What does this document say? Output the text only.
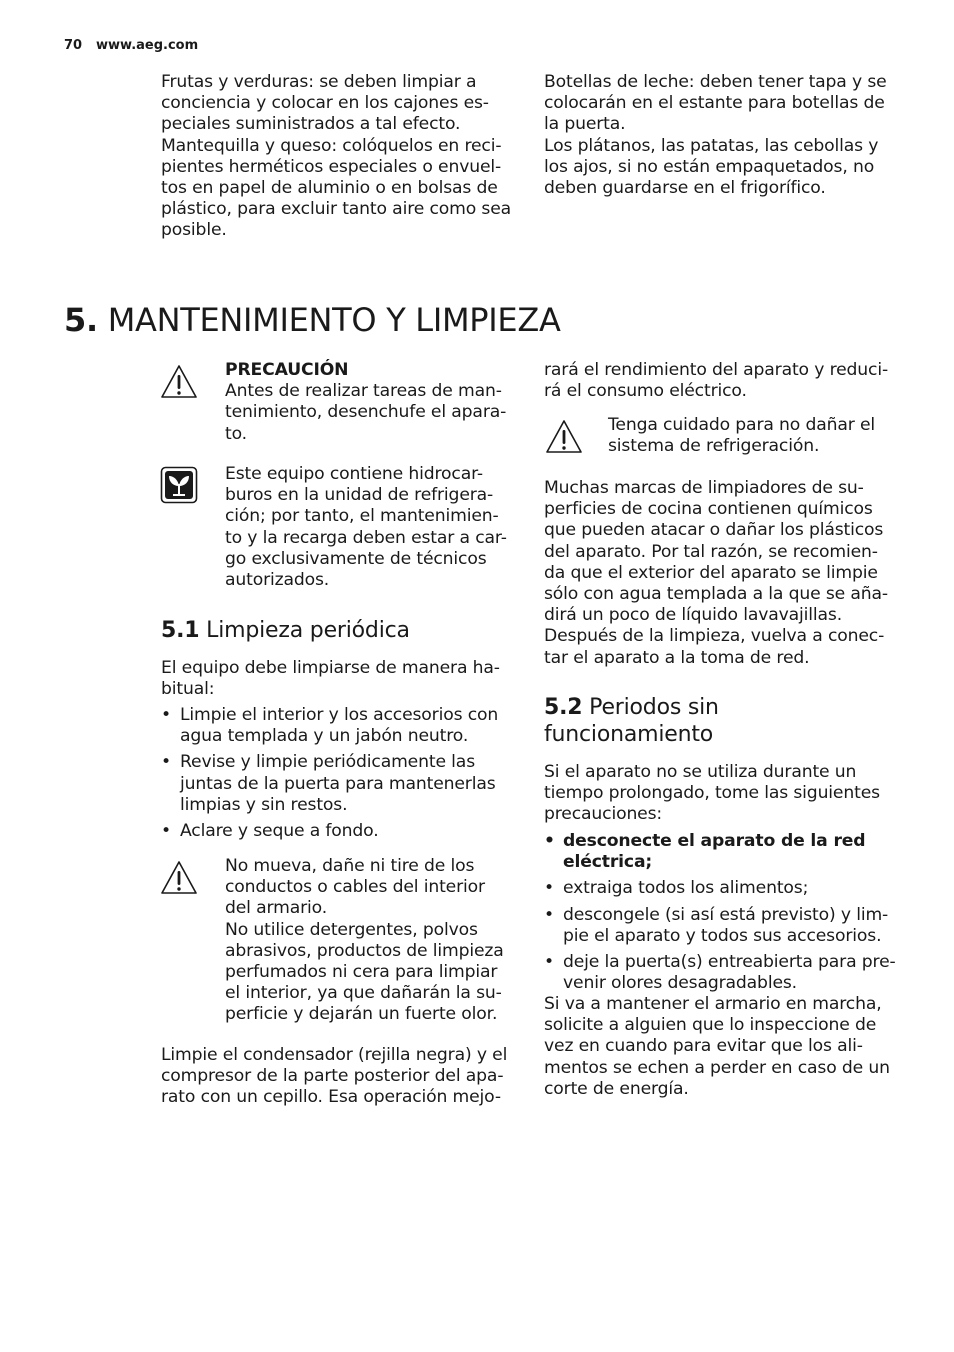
70 www.aeg.com

Frutas y verduras: se deben limpiar a
conciencia y colocar en los cajones es-
peciales suministrados a tal efecto.
Mantequilla y queso: colóquelos en reci-
pientes herméticos especiales o envuel-
tos en papel de aluminio o en bolsas de
plástico, para excluir tanto aire como sea
posible.

Botellas de leche: deben tener tapa y se
colocarán en el estante para botellas de
la puerta.
Los plátanos, las patatas, las cebollas y
los ajos, si no están empaquetados, no
deben guardarse en el frigorífico.

5. MANTENIMIENTO Y LIMPIEZA
PRECAUCIÓN

Antes de realizar tareas de man-
tenimiento, desenchufe el apara-
to.

Este equipo contiene hidrocar-
buros en la unidad de refrigera-
ción; por tanto, el mantenimien-
to y la recarga deben estar a car-
go exclusivamente de técnicos
autorizados.

5.1 Limpieza periódica

El equipo debe limpiarse de manera ha-
bitual:

• Limpie el interior y los accesorios con
agua templada y un jabón neutro.
• Revise y limpie periódicamente las
juntas de la puerta para mantenerlas
limpias y sin restos.
• Aclare y seque a fondo.

No mueva, dañe ni tire de los
conductos o cables del interior
del armario.
No utilice detergentes, polvos
abrasivos, productos de limpieza
perfumados ni cera para limpiar
el interior, ya que dañarán la su-
perficie y dejarán un fuerte olor.

Limpie el condensador (rejilla negra) y el
compresor de la parte posterior del apa-
rato con un cepillo. Esa operación mejo-

rará el rendimiento del aparato y reduci-
rá el consumo eléctrico.

Tenga cuidado para no dañar el
sistema de refrigeración.

Muchas marcas de limpiadores de su-
perficies de cocina contienen químicos
que pueden atacar o dañar los plásticos
del aparato. Por tal razón, se recomien-
da que el exterior del aparato se limpie
sólo con agua templada a la que se aña-
dirá un poco de líquido lavavajillas.
Después de la limpieza, vuelva a conec-
tar el aparato a la toma de red.

5.2 Periodos sin
funcionamiento

Si el aparato no se utiliza durante un
tiempo prolongado, tome las siguientes
precauciones:

• desconecte el aparato de la red
eléctrica;
• extraiga todos los alimentos;
• descongele (si así está previsto) y lim-
pie el aparato y todos sus accesorios.
• deje la puerta(s) entreabierta para pre-
venir olores desagradables.

Si va a mantener el armario en marcha,
solicite a alguien que lo inspeccione de
vez en cuando para evitar que los ali-
mentos se echen a perder en caso de un
corte de energía.
